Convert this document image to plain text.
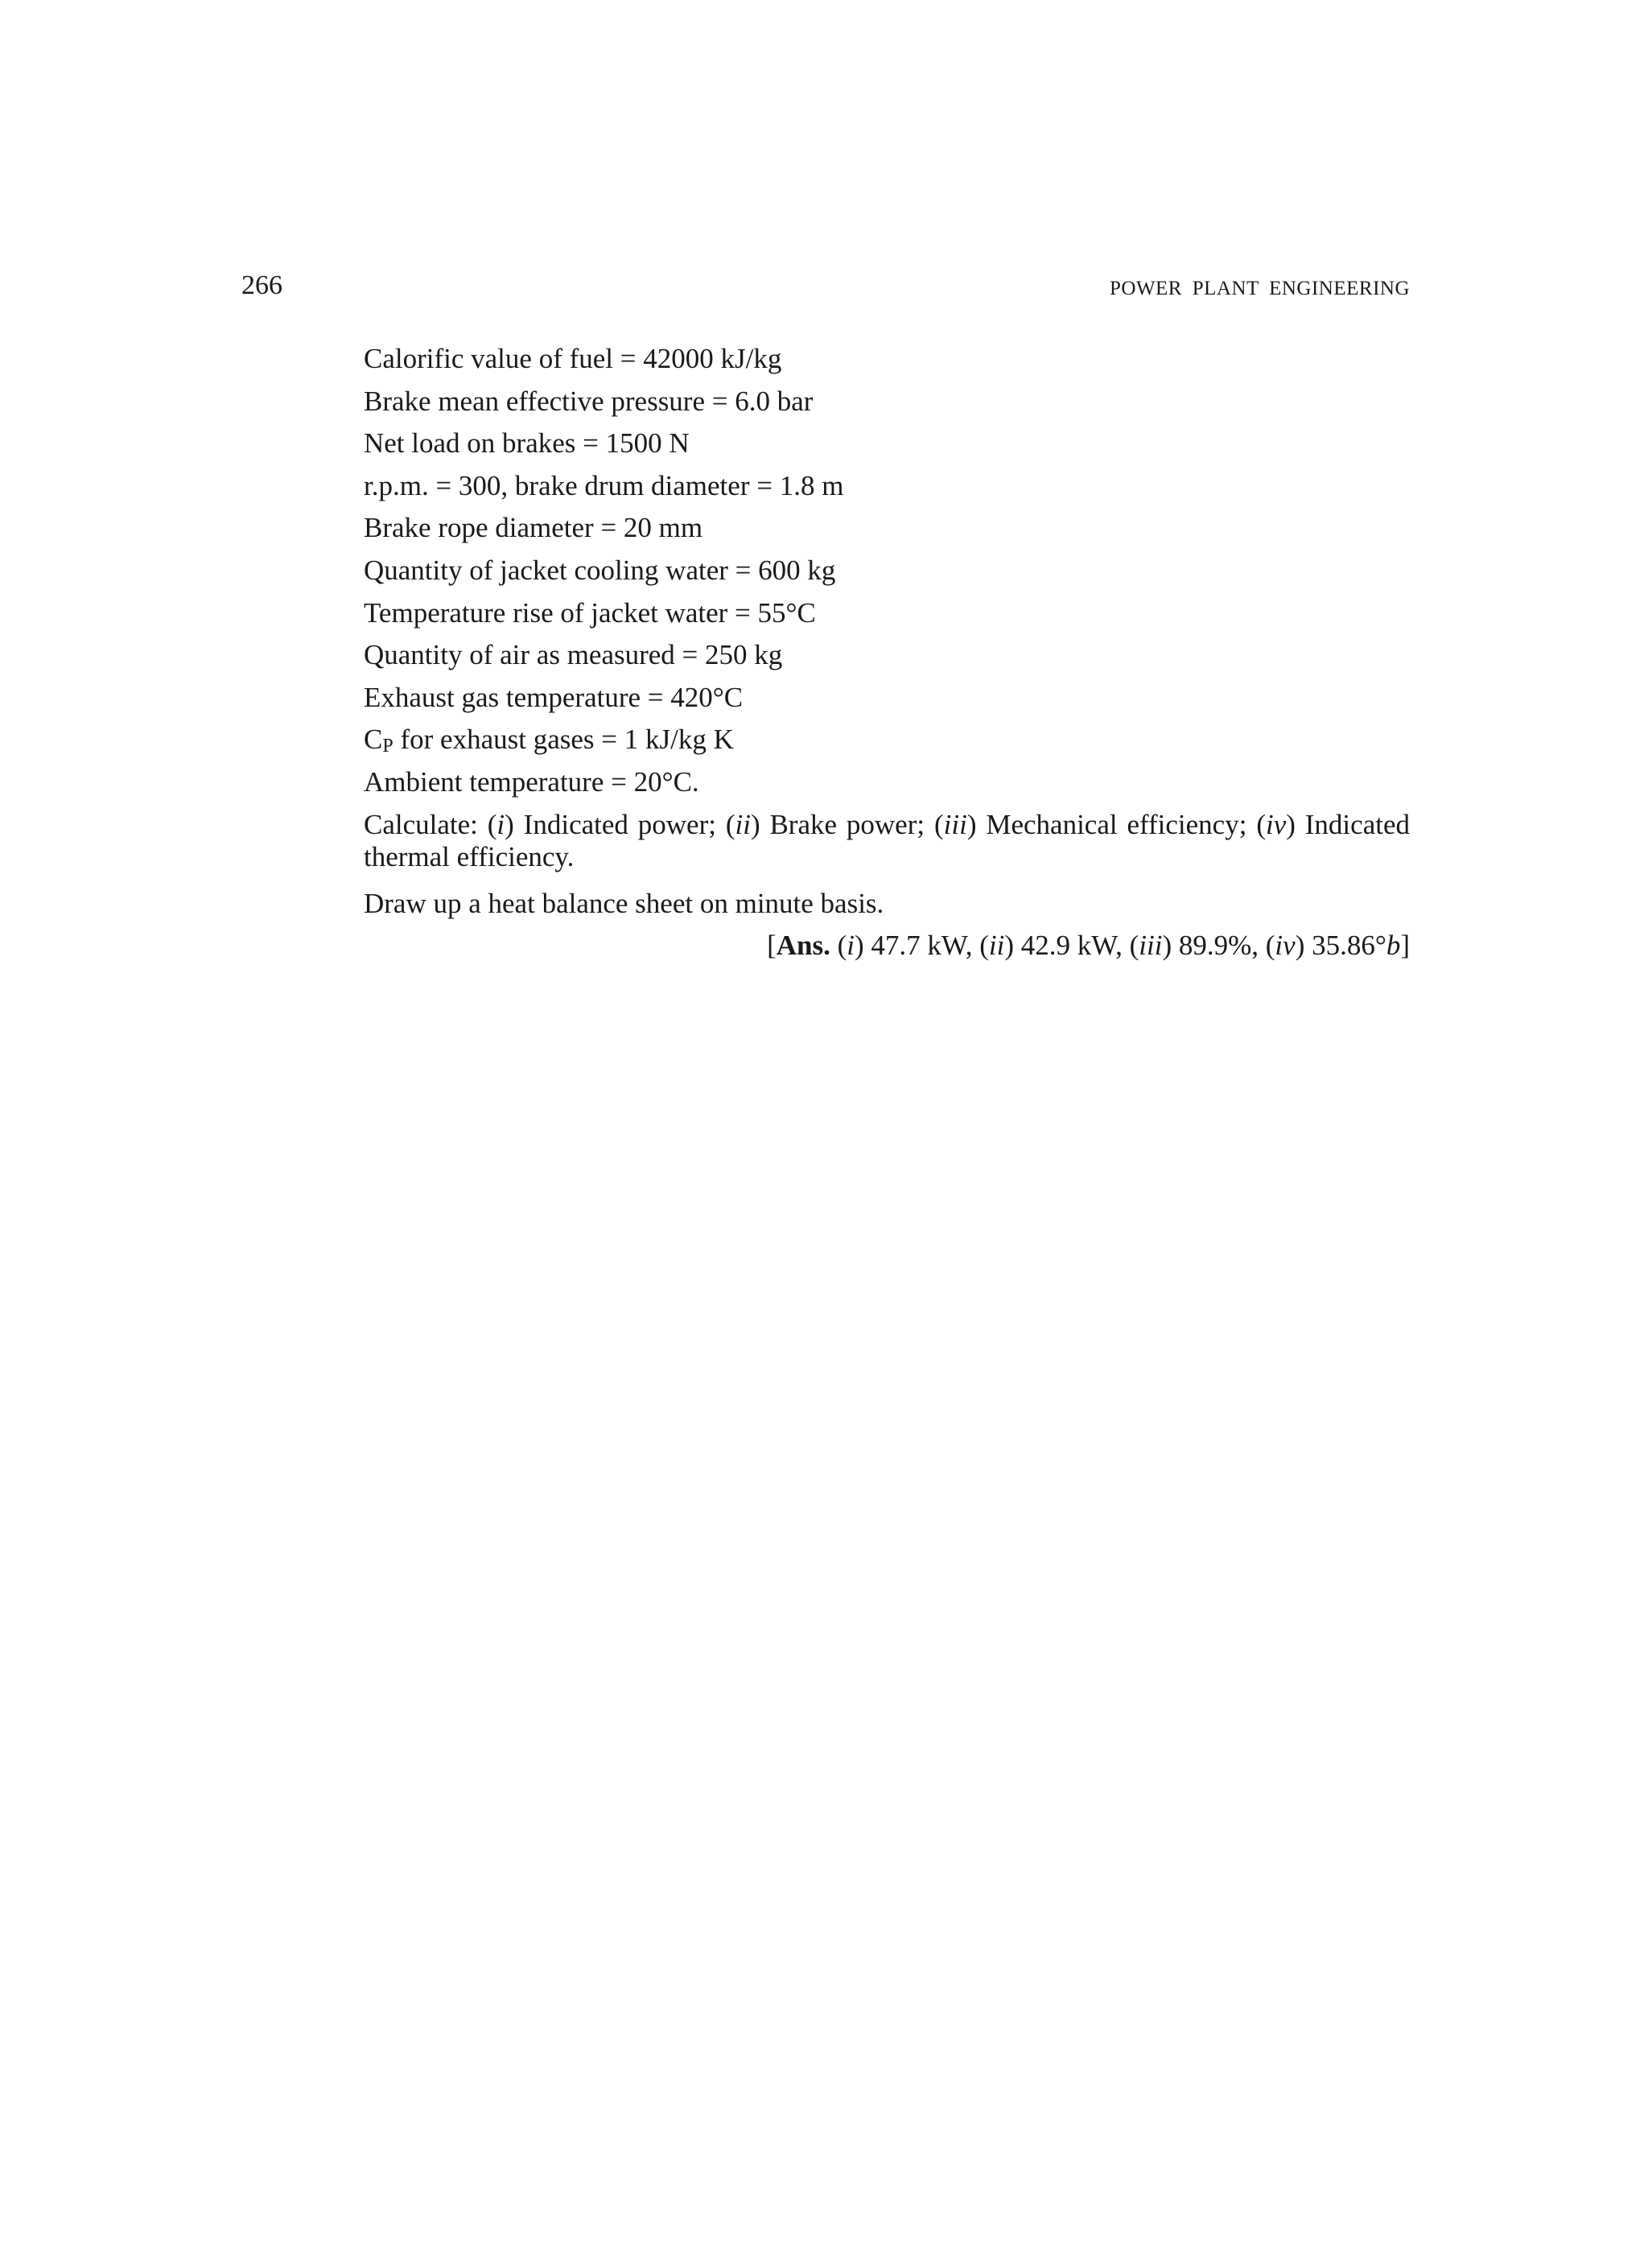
266	POWER PLANT ENGINEERING
Calorific value of fuel = 42000 kJ/kg
Brake mean effective pressure = 6.0 bar
Net load on brakes = 1500 N
r.p.m. = 300, brake drum diameter = 1.8 m
Brake rope diameter = 20 mm
Quantity of jacket cooling water = 600 kg
Temperature rise of jacket water = 55°C
Quantity of air as measured = 250 kg
Exhaust gas temperature = 420°C
$C_P$ for exhaust gases = 1 kJ/kg K
Ambient temperature = 20°C.
Calculate: (i) Indicated power; (ii) Brake power; (iii) Mechanical efficiency; (iv) Indicated
thermal efficiency.
Draw up a heat balance sheet on minute basis.
[Ans. (i) 47.7 kW, (ii) 42.9 kW, (iii) 89.9%, (iv) 35.86°b]
